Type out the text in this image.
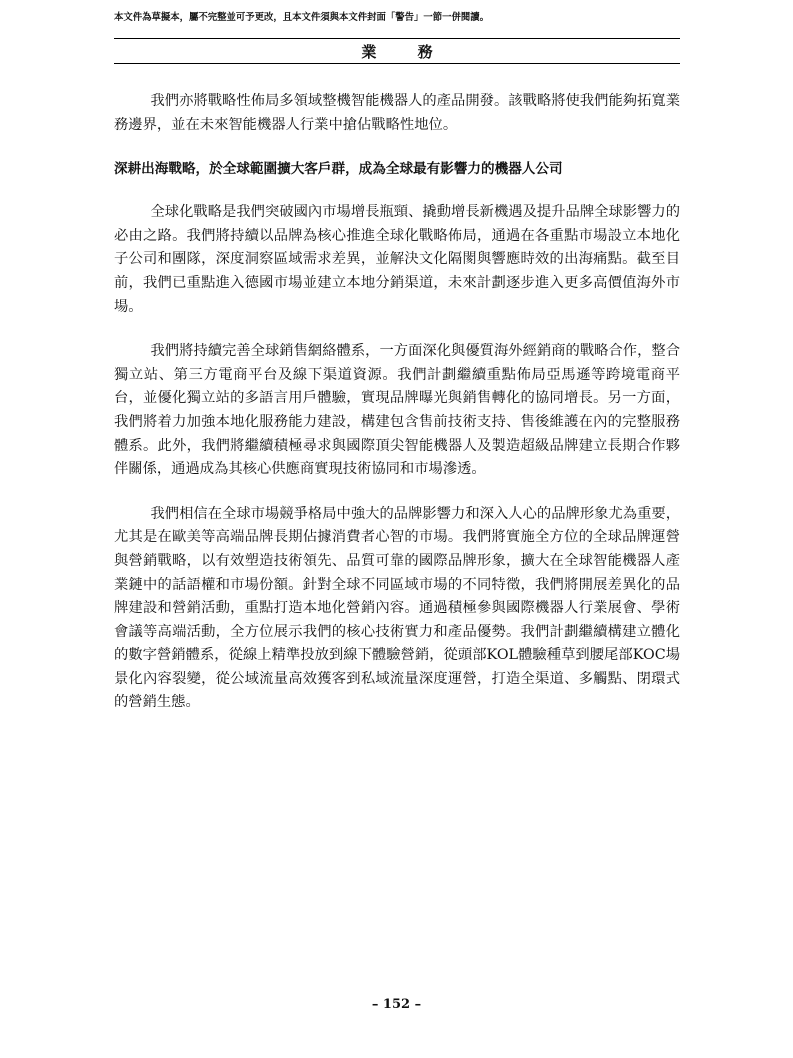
本文件為草擬本，屬不完整並可予更改，且本文件須與本文件封面「警告」一節一併閱讀。
業 務

我們亦將戰略性佈局多領域整機智能機器人的產品開發。該戰略將使我們能夠拓寬業務邊界，並在未來智能機器人行業中搶佔戰略性地位。

深耕出海戰略，於全球範圍擴大客戶群，成為全球最有影響力的機器人公司

全球化戰略是我們突破國內市場增長瓶頸、撬動增長新機遇及提升品牌全球影響力的必由之路。我們將持續以品牌為核心推進全球化戰略佈局，通過在各重點市場設立本地化子公司和團隊，深度洞察區域需求差異，並解決文化隔閡與響應時效的出海痛點。截至目前，我們已重點進入德國市場並建立本地分銷渠道，未來計劃逐步進入更多高價值海外市場。

我們將持續完善全球銷售網絡體系，一方面深化與優質海外經銷商的戰略合作，整合獨立站、第三方電商平台及線下渠道資源。我們計劃繼續重點佈局亞馬遜等跨境電商平台，並優化獨立站的多語言用戶體驗，實現品牌曝光與銷售轉化的協同增長。另一方面，我們將着力加強本地化服務能力建設，構建包含售前技術支持、售後維護在內的完整服務體系。此外，我們將繼續積極尋求與國際頂尖智能機器人及製造超級品牌建立長期合作夥伴關係，通過成為其核心供應商實現技術協同和市場滲透。

我們相信在全球市場競爭格局中強大的品牌影響力和深入人心的品牌形象尤為重要，尤其是在歐美等高端品牌長期佔據消費者心智的市場。我們將實施全方位的全球品牌運營與營銷戰略，以有效塑造技術領先、品質可靠的國際品牌形象，擴大在全球智能機器人產業鏈中的話語權和市場份額。針對全球不同區域市場的不同特徵，我們將開展差異化的品牌建設和營銷活動，重點打造本地化營銷內容。通過積極參與國際機器人行業展會、學術會議等高端活動，全方位展示我們的核心技術實力和產品優勢。我們計劃繼續構建立體化的數字營銷體系，從線上精準投放到線下體驗營銷，從頭部KOL體驗種草到腰尾部KOC場景化內容裂變，從公域流量高效獲客到私域流量深度運營，打造全渠道、多觸點、閉環式的營銷生態。

– 152 –
